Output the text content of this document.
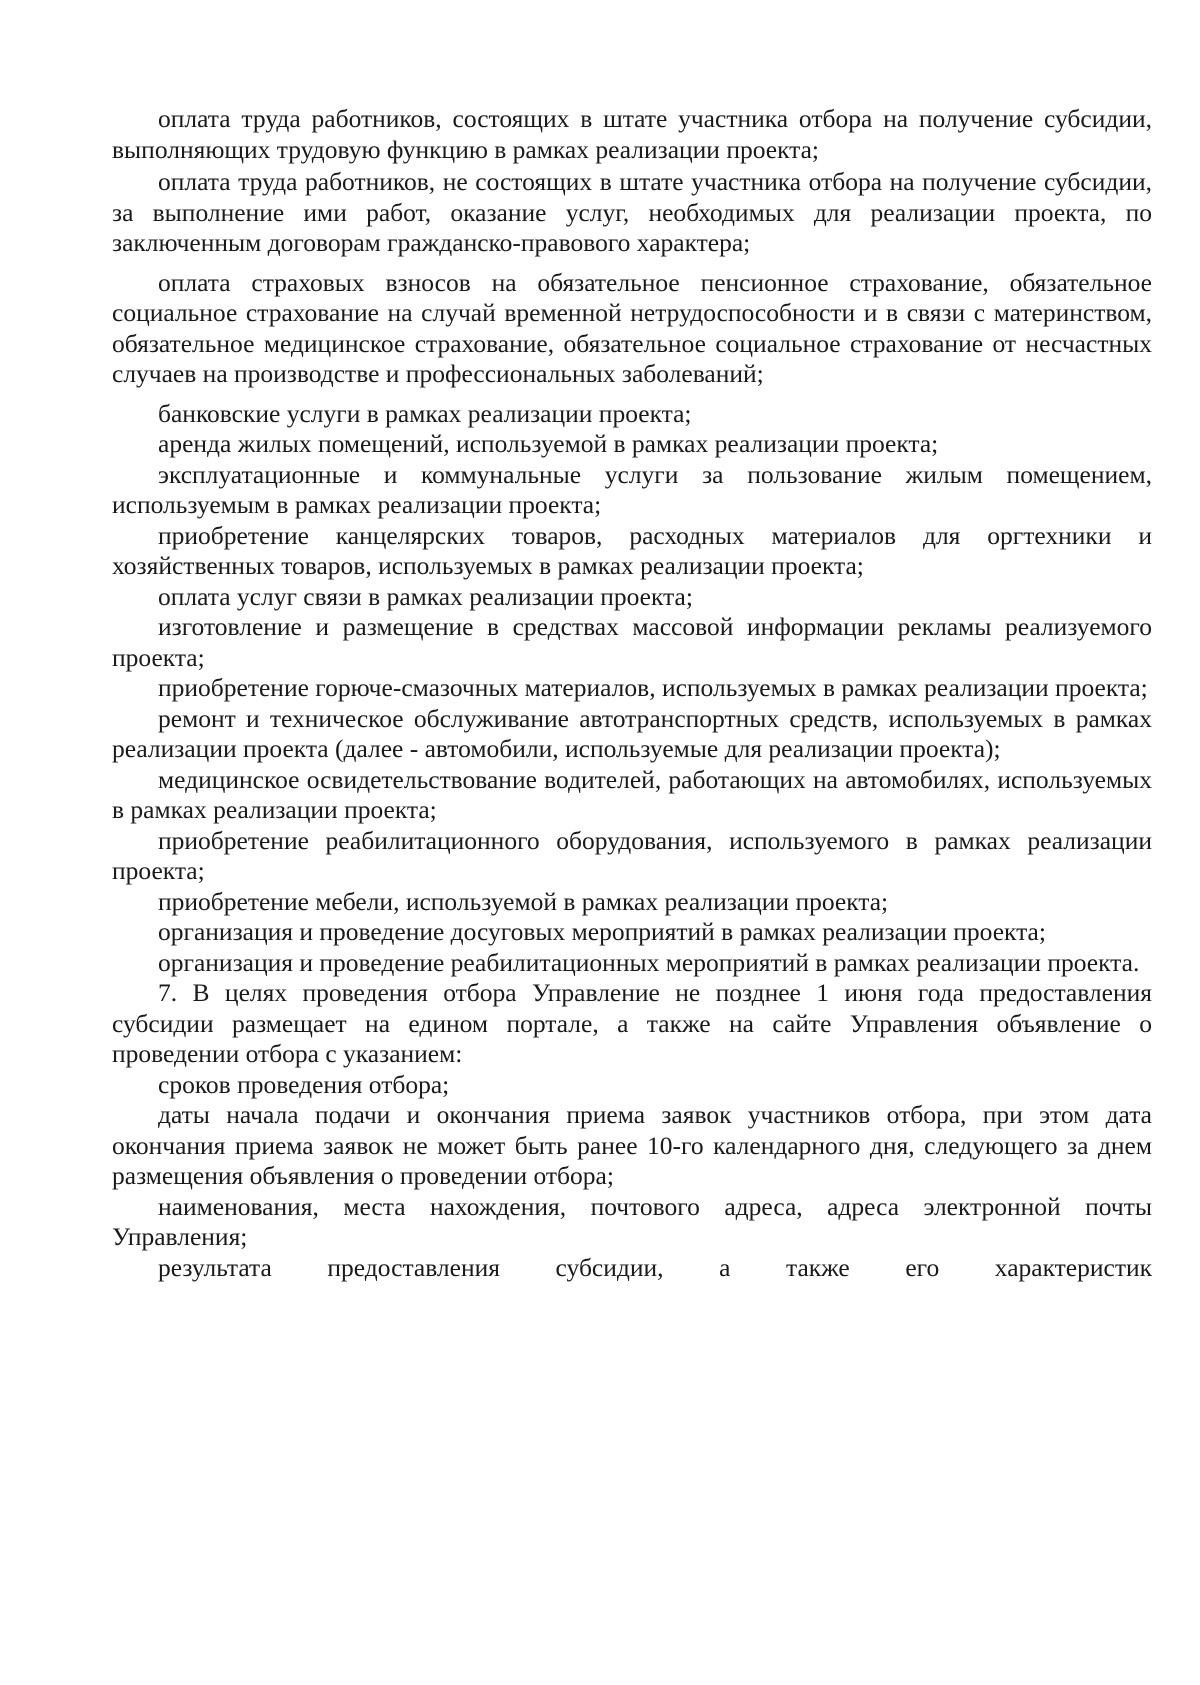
оплата труда работников, состоящих в штате участника отбора на получение субсидии, выполняющих трудовую функцию в рамках реализации проекта;

оплата труда работников, не состоящих в штате участника отбора на получение субсидии, за выполнение ими работ, оказание услуг, необходимых для реализации проекта, по заключенным договорам гражданско-правового характера;

оплата страховых взносов на обязательное пенсионное страхование, обязательное социальное страхование на случай временной нетрудоспособности и в связи с материнством, обязательное медицинское страхование, обязательное социальное страхование от несчастных случаев на производстве и профессиональных заболеваний;

банковские услуги в рамках реализации проекта;

аренда жилых помещений, используемой в рамках реализации проекта;

эксплуатационные и коммунальные услуги за пользование жилым помещением, используемым в рамках реализации проекта;

приобретение канцелярских товаров, расходных материалов для оргтехники и хозяйственных товаров, используемых в рамках реализации проекта;

оплата услуг связи в рамках реализации проекта;

изготовление и размещение в средствах массовой информации рекламы реализуемого проекта;

приобретение горюче-смазочных материалов, используемых в рамках реализации проекта;

ремонт и техническое обслуживание автотранспортных средств, используемых в рамках реализации проекта (далее - автомобили, используемые для реализации проекта);

медицинское освидетельствование водителей, работающих на автомобилях, используемых в рамках реализации проекта;

приобретение реабилитационного оборудования, используемого в рамках реализации проекта;

приобретение мебели, используемой в рамках реализации проекта;

организация и проведение досуговых мероприятий в рамках реализации проекта;

организация и проведение реабилитационных мероприятий в рамках реализации проекта.

7. В целях проведения отбора Управление не позднее 1 июня года предоставления субсидии размещает на едином портале, а также на сайте Управления объявление о проведении отбора с указанием:

сроков проведения отбора;

даты начала подачи и окончания приема заявок участников отбора, при этом дата окончания приема заявок не может быть ранее 10-го календарного дня, следующего за днем размещения объявления о проведении отбора;

наименования, места нахождения, почтового адреса, адреса электронной почты Управления;

результата предоставления субсидии, а также его характеристик
